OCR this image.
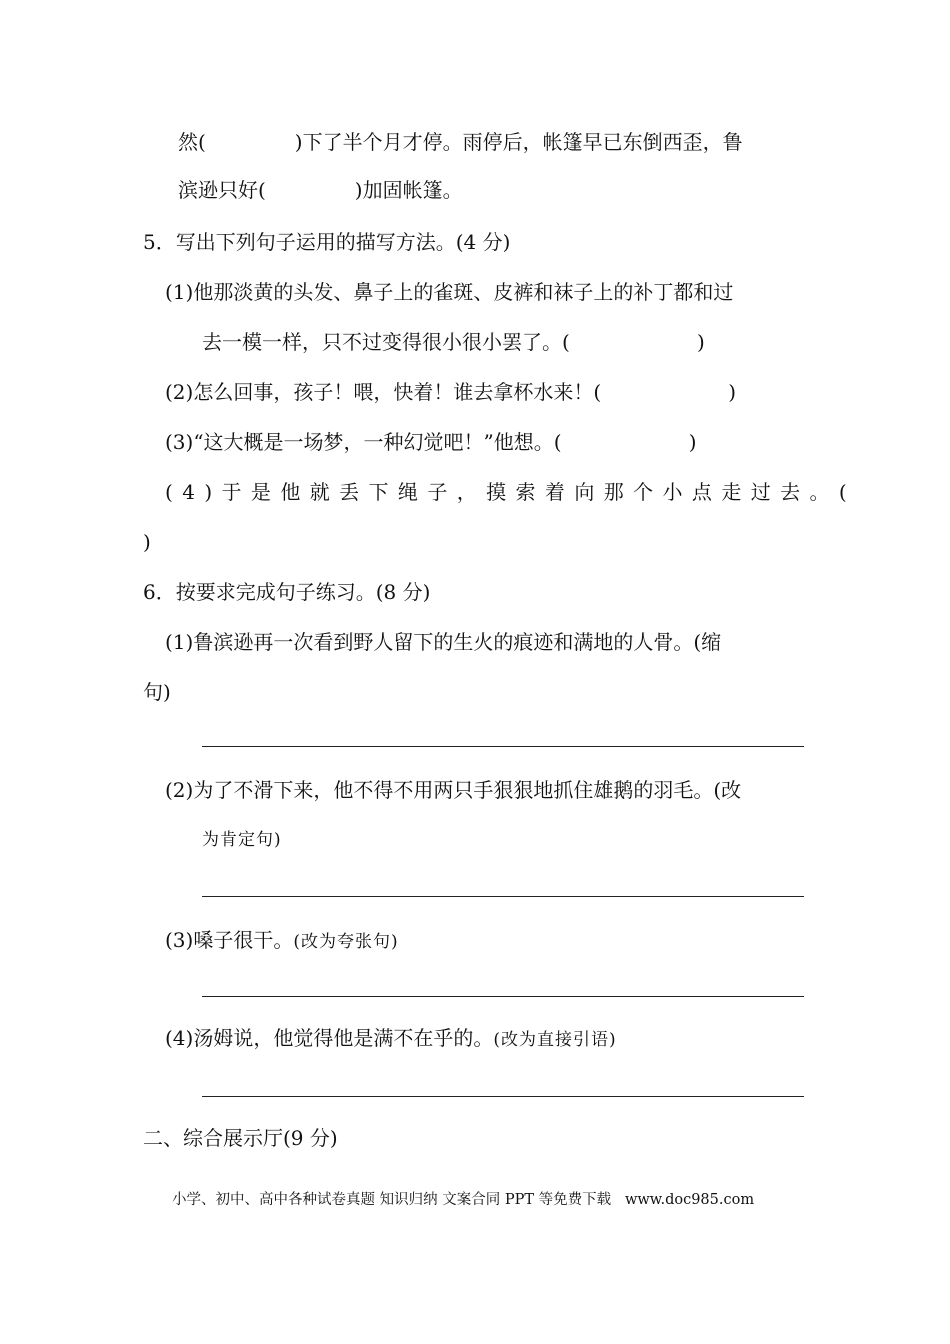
然(              )下了半个月才停。雨停后，帐篷早已东倒西歪，鲁
滨逊只好(              )加固帐篷。
5．写出下列句子运用的描写方法。(4 分)
(1)他那淡黄的头发、鼻子上的雀斑、皮裤和袜子上的补丁都和过
去一模一样，只不过变得很小很小罢了。(                    )
(2)怎么回事，孩子！喂，快着！谁去拿杯水来！(                    )
(3)“这大概是一场梦，一种幻觉吧！”他想。(                    )
(4)于是他就丢下绳子，摸索着向那个小点走过去。(
)
6．按要求完成句子练习。(8 分)
(1)鲁滨逊再一次看到野人留下的生火的痕迹和满地的人骨。(缩
句)
(2)为了不滑下来，他不得不用两只手狠狠地抓住雄鹅的羽毛。(改
为肯定句)
(3)嗓子很干。(改为夸张句)
(4)汤姆说，他觉得他是满不在乎的。(改为直接引语)
二、综合展示厅(9 分)
小学、初中、高中各种试卷真题 知识归纳 文案合同 PPT 等免费下载   www.doc985.com
